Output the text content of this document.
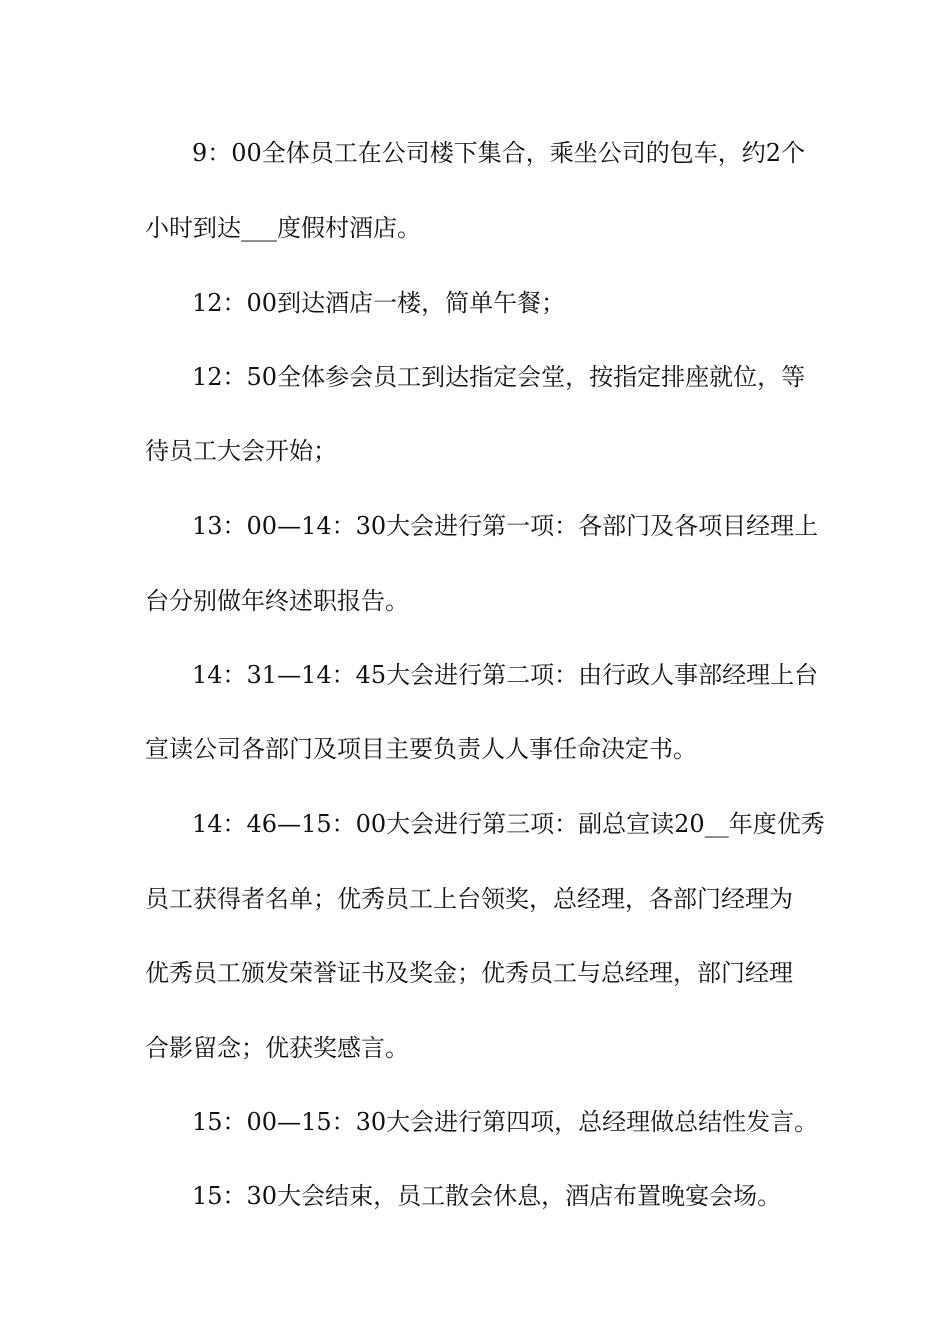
9：00全体员工在公司楼下集合，乘坐公司的包车，约2个

小时到达___度假村酒店。

12：00到达酒店一楼，简单午餐；

12：50全体参会员工到达指定会堂，按指定排座就位，等

待员工大会开始；

13：00—14：30大会进行第一项：各部门及各项目经理上

台分别做年终述职报告。

14：31—14：45大会进行第二项：由行政人事部经理上台

宣读公司各部门及项目主要负责人人事任命决定书。

14：46—15：00大会进行第三项：副总宣读20__年度优秀

员工获得者名单；优秀员工上台领奖，总经理，各部门经理为

优秀员工颁发荣誉证书及奖金；优秀员工与总经理，部门经理

合影留念；优获奖感言。

15：00—15：30大会进行第四项，总经理做总结性发言。

15：30大会结束，员工散会休息，酒店布置晚宴会场。
